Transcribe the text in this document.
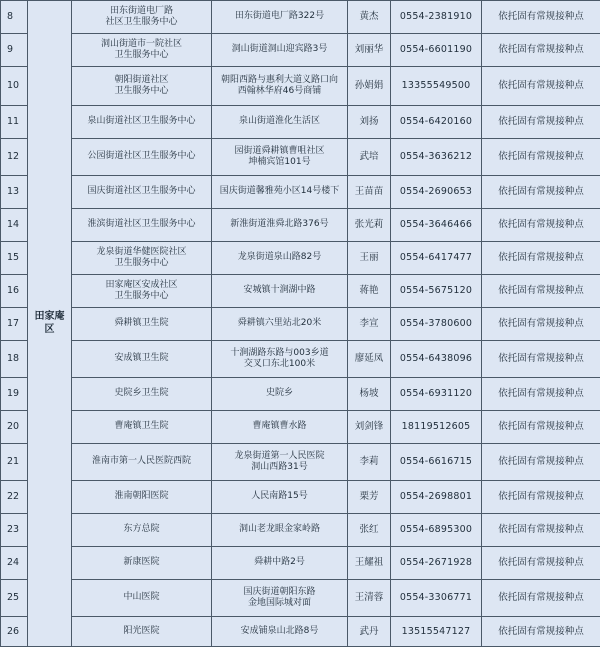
8	田家庵区	田东街道电厂路
社区卫生服务中心	田东街道电厂路322号	黄杰	0554-2381910	依托固有常规接种点
9		洞山街道市一院社区
卫生服务中心	洞山街道洞山迎宾路3号	刘丽华	0554-6601190	依托固有常规接种点
10		朝阳街道社区
卫生服务中心	朝阳西路与惠利大道义路口向
西翰林华府46号商铺	孙娟娟	13355549500	依托固有常规接种点
11		泉山街道社区卫生服务中心	泉山街道淮化生活区	刘扬	0554-6420160	依托固有常规接种点
12		公园街道社区卫生服务中心	园街道舜耕镇曹咀社区
坤楠宾馆101号	武培	0554-3636212	依托固有常规接种点
13		国庆街道社区卫生服务中心	国庆街道馨雅苑小区14号楼下	王苗苗	0554-2690653	依托固有常规接种点
14		淮滨街道社区卫生服务中心	新淮街道淮舜北路376号	张光莉	0554-3646466	依托固有常规接种点
15		龙泉街道华健医院社区
卫生服务中心	龙泉街道泉山路82号	王丽	0554-6417477	依托固有常规接种点
16		田家庵区安成社区
卫生服务中心	安城镇十涧湖中路	蒋艳	0554-5675120	依托固有常规接种点
17		舜耕镇卫生院	舜耕镇六里站北20米	李宣	0554-3780600	依托固有常规接种点
18		安成镇卫生院	十涧湖路东路与003乡道
交叉口东北100米	廖延凤	0554-6438096	依托固有常规接种点
19		史院乡卫生院	史院乡	杨坡	0554-6931120	依托固有常规接种点
20		曹庵镇卫生院	曹庵镇曹水路	刘剑锋	18119512605	依托固有常规接种点
21		淮南市第一人民医院西院	龙泉街道第一人民医院
洞山西路31号	李莉	0554-6616715	依托固有常规接种点
22		淮南朝阳医院	人民南路15号	栗芳	0554-2698801	依托固有常规接种点
23		东方总院	洞山老龙眼金家岭路	张红	0554-6895300	依托固有常规接种点
24		新康医院	舜耕中路2号	王耀祖	0554-2671928	依托固有常规接种点
25		中山医院	国庆街道朝阳东路
金地国际城对面	王清蓉	0554-3306771	依托固有常规接种点
26		阳光医院	安成铺泉山北路8号	武丹	13515547127	依托固有常规接种点
